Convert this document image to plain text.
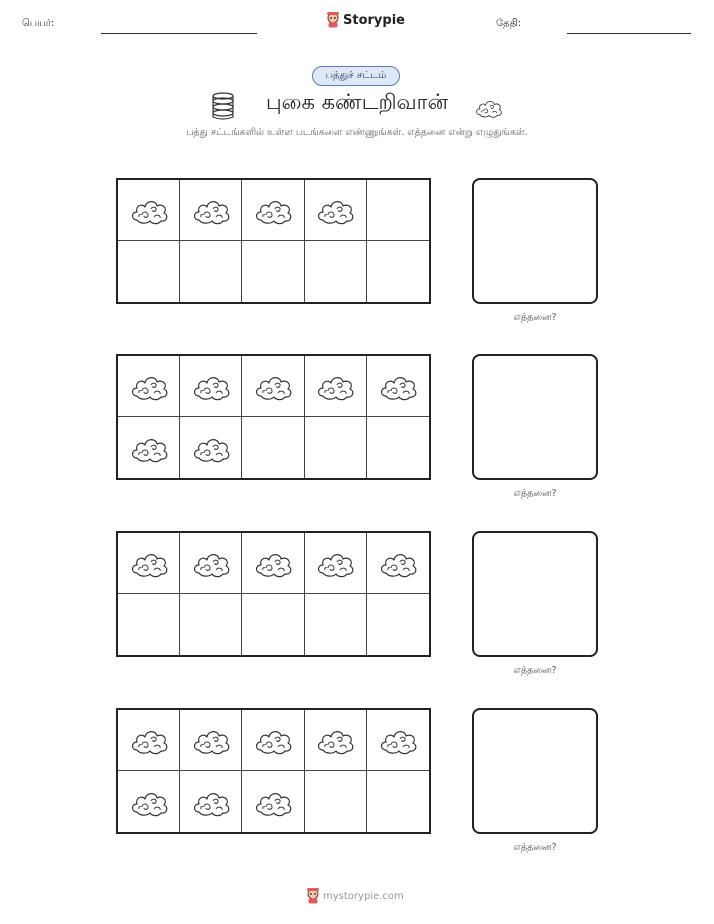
பெயர்:	Storypie	தேதி:
பத்துச் சட்டம்
புகை கண்டறிவான்
பத்து சட்டங்களில் உள்ள படங்களை எண்ணுங்கள். எத்தனை என்று எழுதுங்கள்.
எத்தனை?
எத்தனை?
எத்தனை?
எத்தனை?
mystorypie.com
